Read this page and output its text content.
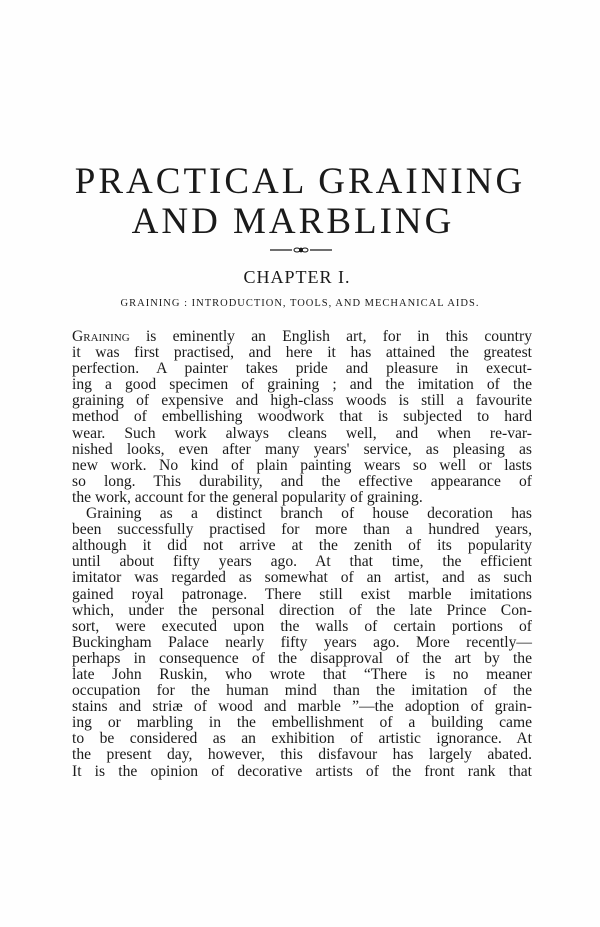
PRACTICAL GRAINING
AND MARBLING
CHAPTER I.
GRAINING : INTRODUCTION, TOOLS, AND MECHANICAL AIDS.
Graining is eminently an English art, for in this country
it was first practised, and here it has attained the greatest
perfection. A painter takes pride and pleasure in execut-
ing a good specimen of graining ; and the imitation of the
graining of expensive and high-class woods is still a favourite
method of embellishing woodwork that is subjected to hard
wear. Such work always cleans well, and when re-var-
nished looks, even after many years' service, as pleasing as
new work. No kind of plain painting wears so well or lasts
so long. This durability, and the effective appearance of
the work, account for the general popularity of graining.
Graining as a distinct branch of house decoration has
been successfully practised for more than a hundred years,
although it did not arrive at the zenith of its popularity
until about fifty years ago. At that time, the efficient
imitator was regarded as somewhat of an artist, and as such
gained royal patronage. There still exist marble imitations
which, under the personal direction of the late Prince Con-
sort, were executed upon the walls of certain portions of
Buckingham Palace nearly fifty years ago. More recently—
perhaps in consequence of the disapproval of the art by the
late John Ruskin, who wrote that “There is no meaner
occupation for the human mind than the imitation of the
stains and striæ of wood and marble ”—the adoption of grain-
ing or marbling in the embellishment of a building came
to be considered as an exhibition of artistic ignorance. At
the present day, however, this disfavour has largely abated.
It is the opinion of decorative artists of the front rank that
